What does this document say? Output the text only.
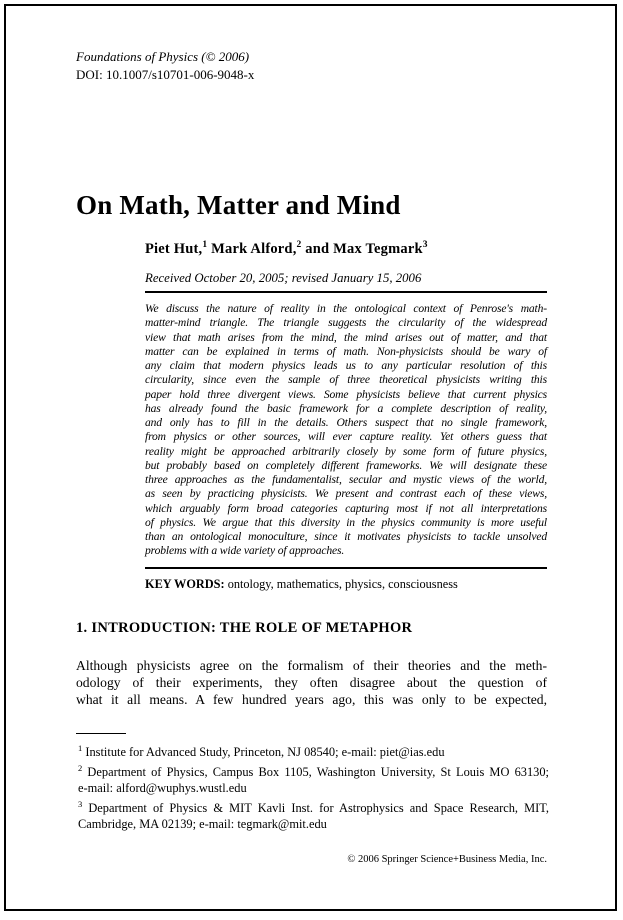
Foundations of Physics (© 2006)
DOI: 10.1007/s10701-006-9048-x
On Math, Matter and Mind
Piet Hut,$^1$ Mark Alford,$^2$ and Max Tegmark$^3$
Received October 20, 2005; revised January 15, 2006
We discuss the nature of reality in the ontological context of Penrose's math-
matter-mind triangle. The triangle suggests the circularity of the widespread
view that math arises from the mind, the mind arises out of matter, and that
matter can be explained in terms of math. Non-physicists should be wary of
any claim that modern physics leads us to any particular resolution of this
circularity, since even the sample of three theoretical physicists writing this
paper hold three divergent views. Some physicists believe that current physics
has already found the basic framework for a complete description of reality,
and only has to fill in the details. Others suspect that no single framework,
from physics or other sources, will ever capture reality. Yet others guess that
reality might be approached arbitrarily closely by some form of future physics,
but probably based on completely different frameworks. We will designate these
three approaches as the fundamentalist, secular and mystic views of the world,
as seen by practicing physicists. We present and contrast each of these views,
which arguably form broad categories capturing most if not all interpretations
of physics. We argue that this diversity in the physics community is more useful
than an ontological monoculture, since it motivates physicists to tackle unsolved
problems with a wide variety of approaches.
KEY WORDS: ontology, mathematics, physics, consciousness
1. INTRODUCTION: THE ROLE OF METAPHOR
Although physicists agree on the formalism of their theories and the meth-
odology of their experiments, they often disagree about the question of
what it all means. A few hundred years ago, this was only to be expected,
$^1$ Institute for Advanced Study, Princeton, NJ 08540; e-mail: piet@ias.edu
$^2$ Department of Physics, Campus Box 1105, Washington University, St Louis MO 63130;
e-mail: alford@wuphys.wustl.edu
$^3$ Department of Physics & MIT Kavli Inst. for Astrophysics and Space Research, MIT,
Cambridge, MA 02139; e-mail: tegmark@mit.edu
© 2006 Springer Science+Business Media, Inc.
